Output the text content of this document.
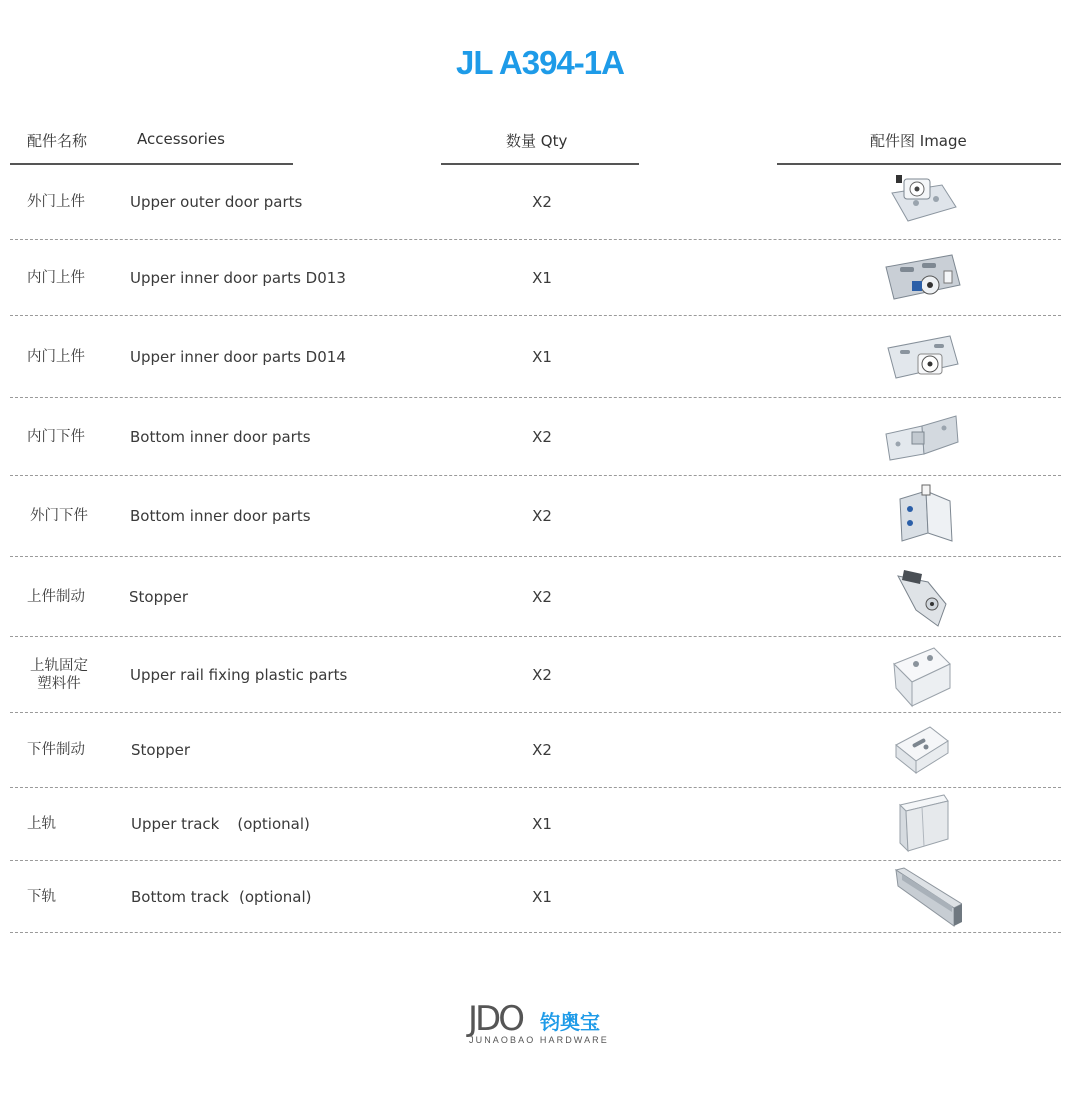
JL A394-1A
配件名称	Accessories	数量 Qty	配件图 Image
外门上件	Upper outer door parts	X2
内门上件	Upper inner door parts D013	X1
内门上件	Upper inner door parts D014	X1
内门下件	Bottom inner door parts	X2
外门下件	Bottom inner door parts	X2
上件制动	Stopper	X2
上轨固定
塑料件	Upper rail fixing plastic parts	X2
下件制动	Stopper	X2
上轨	Upper track (optional)	X1
下轨	Bottom track (optional)	X1
JDO 钧奥宝
JUNAOBAO HARDWARE
